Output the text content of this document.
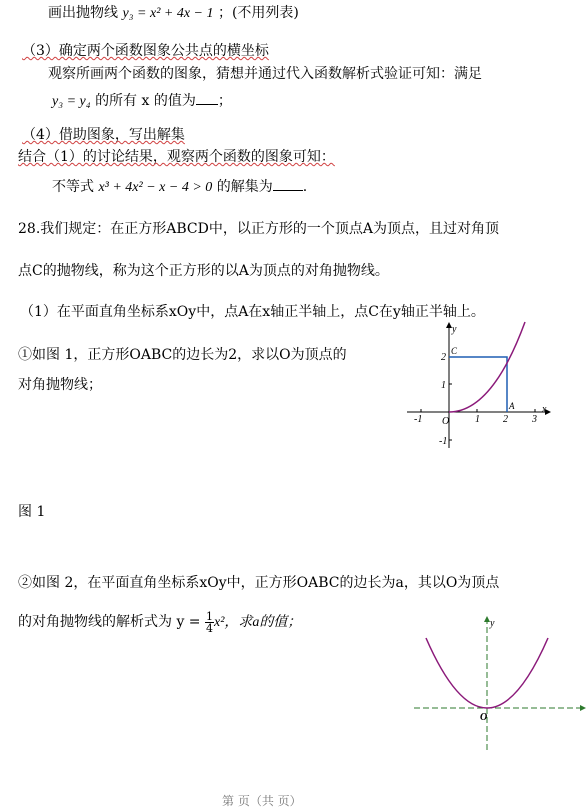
画出抛物线 y₃ = x² + 4x − 1 ；(不用列表)
（3）确定两个函数图象公共点的横坐标
观察所画两个函数的图象，猜想并通过代入函数解析式验证可知：满足
y₃ = y₄ 的所有 x 的值为 ；
（4）借助图象，写出解集
结合（1）的讨论结果，观察两个函数的图象可知：
不等式 x³ + 4x² − x − 4 > 0 的解集为 .
28.我们规定：在正方形ABCD中，以正方形的一个顶点A为顶点，且过对角顶
点C的抛物线，称为这个正方形的以A为顶点的对角抛物线。
（1）在平面直角坐标系xOy中，点A在x轴正半轴上，点C在y轴正半轴上。
①如图 1，正方形OABC的边长为2，求以O为顶点的
对角抛物线；
y
x
C
A
2
1
-1
-1 O	1 2 3
图 1
②如图 2，在平面直角坐标系xOy中，正方形OABC的边长为a，其以O为顶点
的对角抛物线的解析式为 $y = \frac{1}{4} x^2$，求a的值；	y
O
第 页（共 页）
